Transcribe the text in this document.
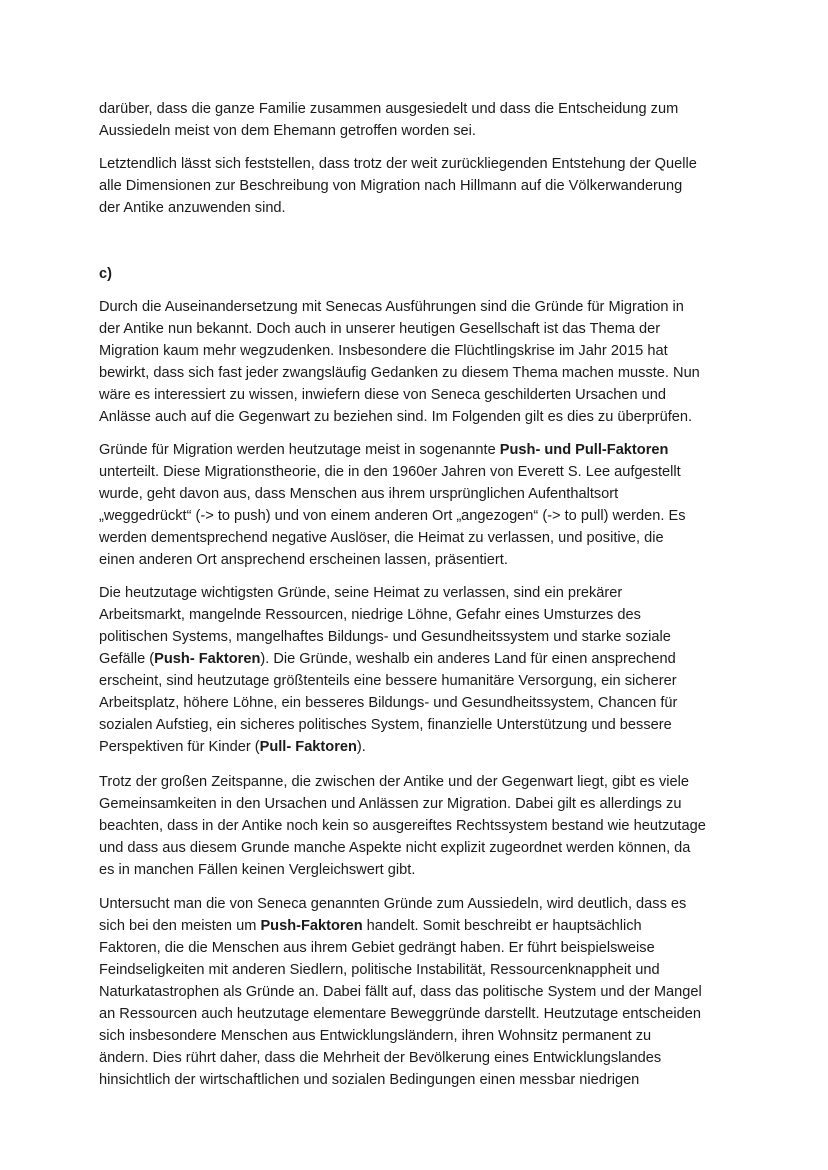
darüber, dass die ganze Familie zusammen ausgesiedelt und dass die Entscheidung zum
Aussiedeln meist von dem Ehemann getroffen worden sei.
Letztendlich lässt sich feststellen, dass trotz der weit zurückliegenden Entstehung der Quelle
alle Dimensionen zur Beschreibung von Migration nach Hillmann auf die Völkerwanderung
der Antike anzuwenden sind.
c)
Durch die Auseinandersetzung mit Senecas Ausführungen sind die Gründe für Migration in
der Antike nun bekannt. Doch auch in unserer heutigen Gesellschaft ist das Thema der
Migration kaum mehr wegzudenken. Insbesondere die Flüchtlingskrise im Jahr 2015 hat
bewirkt, dass sich fast jeder zwangsläufig Gedanken zu diesem Thema machen musste. Nun
wäre es interessiert zu wissen, inwiefern diese von Seneca geschilderten Ursachen und
Anlässe auch auf die Gegenwart zu beziehen sind. Im Folgenden gilt es dies zu überprüfen.
Gründe für Migration werden heutzutage meist in sogenannte Push- und Pull-Faktoren
unterteilt. Diese Migrationstheorie, die in den 1960er Jahren von Everett S. Lee aufgestellt
wurde, geht davon aus, dass Menschen aus ihrem ursprünglichen Aufenthaltsort
„weggedrückt“ (-> to push) und von einem anderen Ort „angezogen“ (-> to pull) werden. Es
werden dementsprechend negative Auslöser, die Heimat zu verlassen, und positive, die
einen anderen Ort ansprechend erscheinen lassen, präsentiert.
Die heutzutage wichtigsten Gründe, seine Heimat zu verlassen, sind ein prekärer
Arbeitsmarkt, mangelnde Ressourcen, niedrige Löhne, Gefahr eines Umsturzes des
politischen Systems, mangelhaftes Bildungs- und Gesundheitssystem und starke soziale
Gefälle (Push- Faktoren). Die Gründe, weshalb ein anderes Land für einen ansprechend
erscheint, sind heutzutage größtenteils eine bessere humanitäre Versorgung, ein sicherer
Arbeitsplatz, höhere Löhne, ein besseres Bildungs- und Gesundheitssystem, Chancen für
sozialen Aufstieg, ein sicheres politisches System, finanzielle Unterstützung und bessere
Perspektiven für Kinder (Pull- Faktoren).
Trotz der großen Zeitspanne, die zwischen der Antike und der Gegenwart liegt, gibt es viele
Gemeinsamkeiten in den Ursachen und Anlässen zur Migration. Dabei gilt es allerdings zu
beachten, dass in der Antike noch kein so ausgereiftes Rechtssystem bestand wie heutzutage
und dass aus diesem Grunde manche Aspekte nicht explizit zugeordnet werden können, da
es in manchen Fällen keinen Vergleichswert gibt.
Untersucht man die von Seneca genannten Gründe zum Aussiedeln, wird deutlich, dass es
sich bei den meisten um Push-Faktoren handelt. Somit beschreibt er hauptsächlich
Faktoren, die die Menschen aus ihrem Gebiet gedrängt haben. Er führt beispielsweise
Feindseligkeiten mit anderen Siedlern, politische Instabilität, Ressourcenknappheit und
Naturkatastrophen als Gründe an. Dabei fällt auf, dass das politische System und der Mangel
an Ressourcen auch heutzutage elementare Beweggründe darstellt. Heutzutage entscheiden
sich insbesondere Menschen aus Entwicklungsländern, ihren Wohnsitz permanent zu
ändern. Dies rührt daher, dass die Mehrheit der Bevölkerung eines Entwicklungslandes
hinsichtlich der wirtschaftlichen und sozialen Bedingungen einen messbar niedrigen
